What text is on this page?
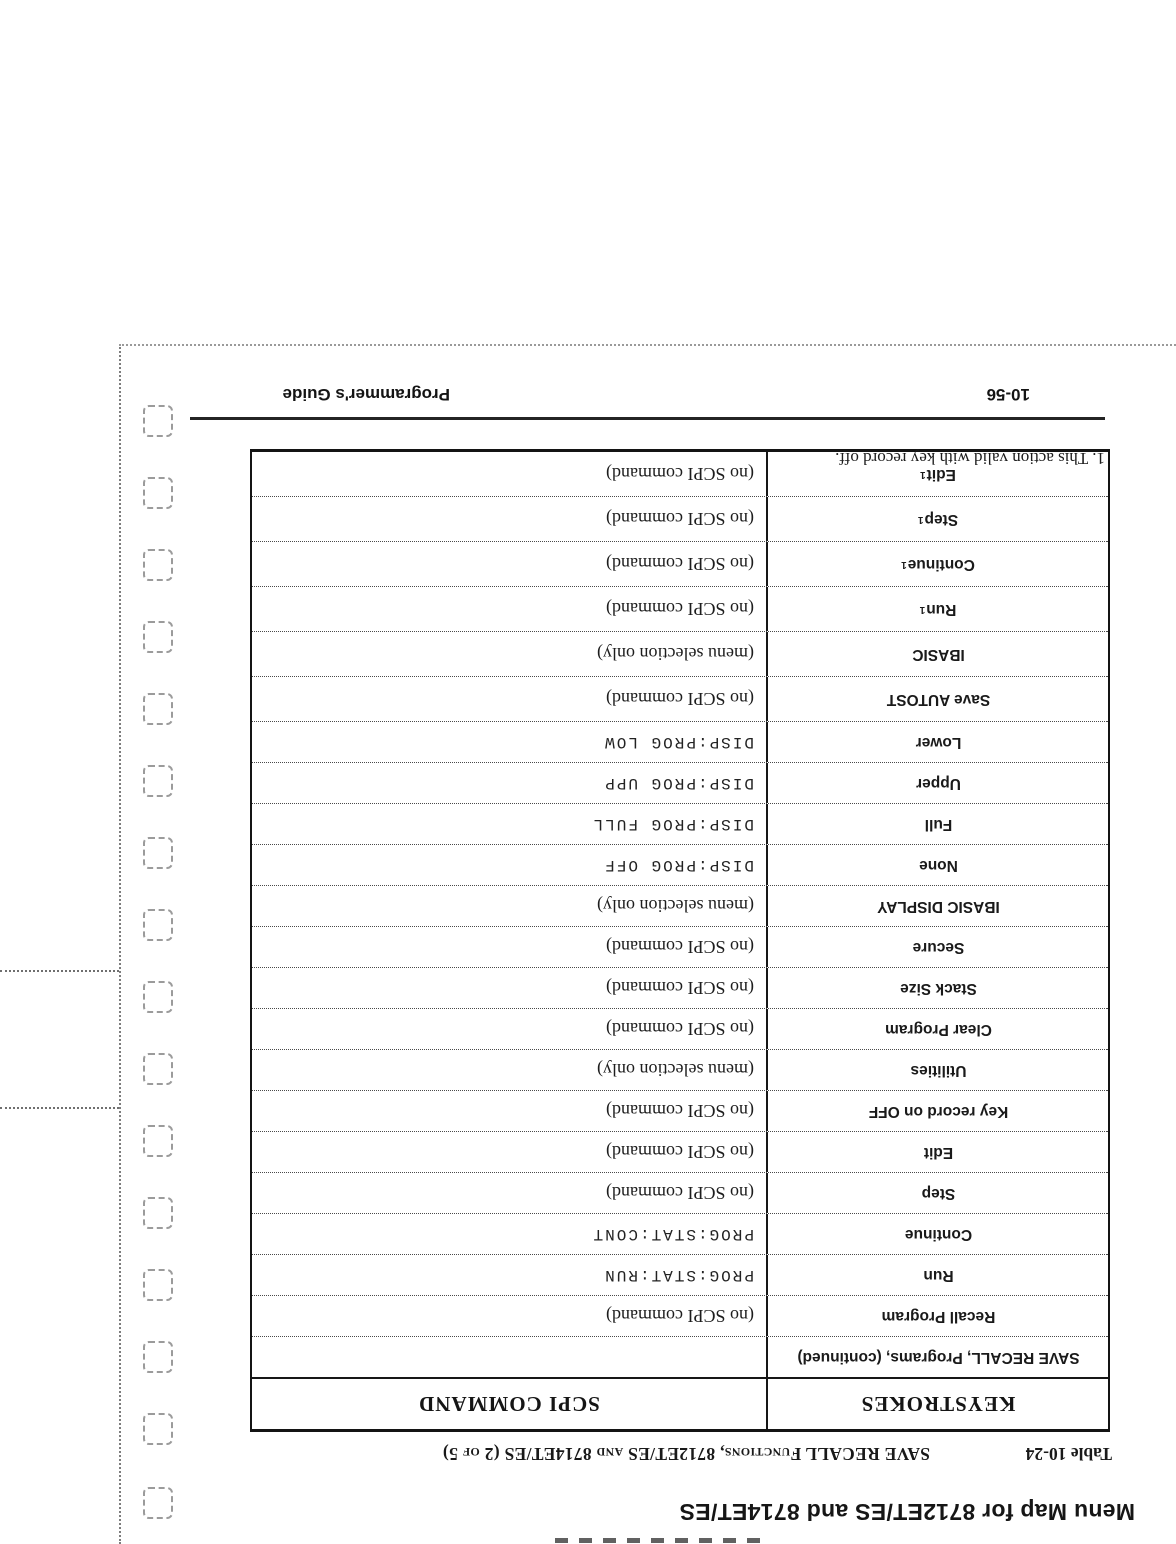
Menu Map for 8712ET/ES and 8714ET/ES
Table 10-24
SAVE RECALL Functions, 8712ET/ES and 8714ET/ES (2 of 5)
KEYSTROKES
SCPI COMMAND
SAVE RECALL, Programs, (continued)
Recall Program
(no SCPI command)
Run
PROG:STAT:RUN
Continue
PROG:STAT:CONT
Step
(no SCPI command)
Edit
(no SCPI command)
Key record on OFF
(no SCPI command)
Utilities
(menu selection only)
Clear Program
(no SCPI command)
Stack Size
(no SCPI command)
Secure
(no SCPI command)
IBASIC DISPLAY
(menu selection only)
None
DISP:PROG OFF
Full
DISP:PROG FULL
Upper
DISP:PROG UPP
Lower
DISP:PROG LOW
Save AUTOST
(no SCPI command)
IBASIC
(menu selection only)
Run
1
(no SCPI command)
Continue
1
(no SCPI command)
Step
1
(no SCPI command)
Edit
1
(no SCPI command)
1. This action valid with key record off.
10-56
Programmer's Guide
